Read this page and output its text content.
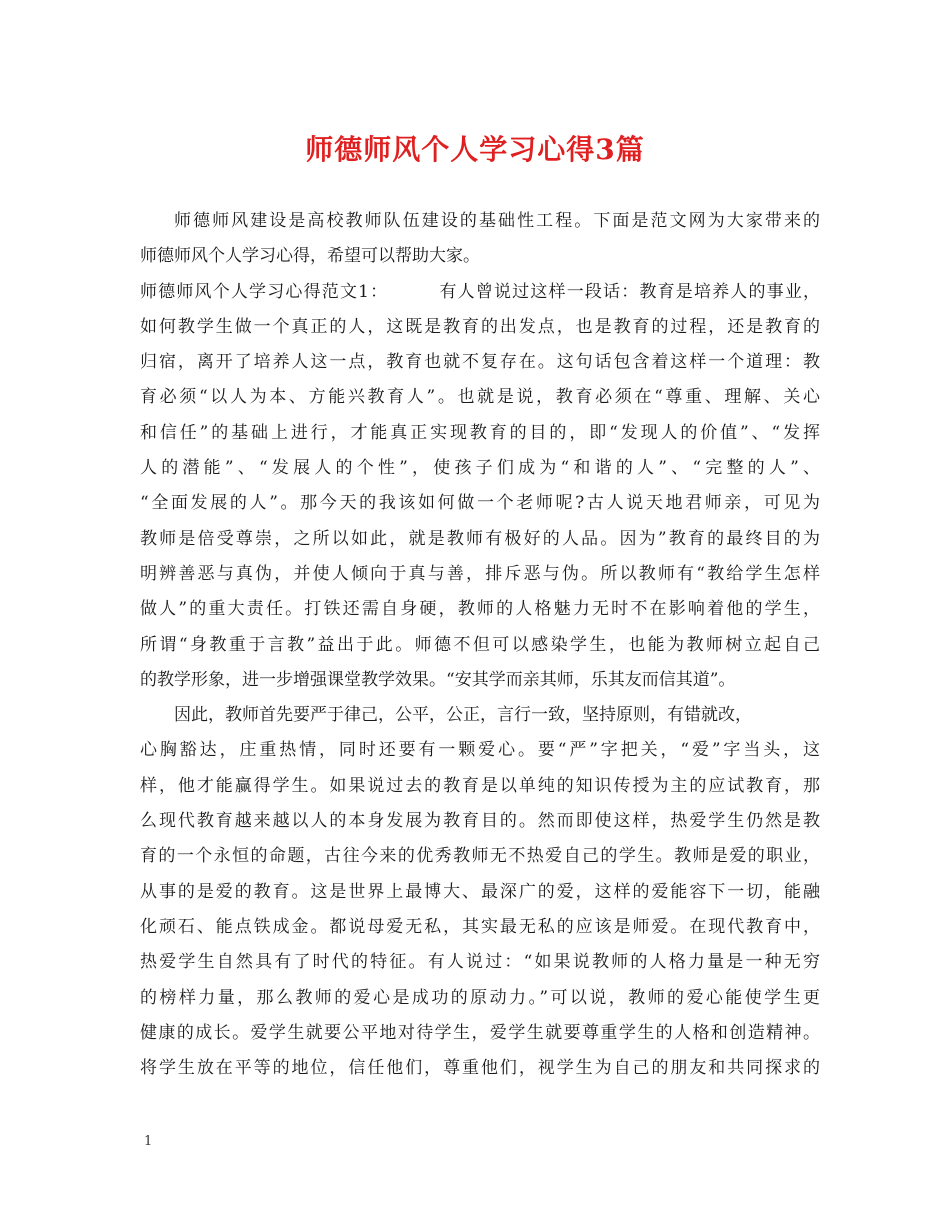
师德师风个人学习心得3篇
师德师风建设是高校教师队伍建设的基础性工程。下面是范文网为大家带来的
师德师风个人学习心得，希望可以帮助大家。
师德师风个人学习心得范文1：	有人曾说过这样一段话：教育是培养人的事业，
如何教学生做一个真正的人，这既是教育的出发点，也是教育的过程，还是教育的
归宿，离开了培养人这一点，教育也就不复存在。这句话包含着这样一个道理：教
育必须“以人为本、方能兴教育人”。也就是说，教育必须在“尊重、理解、关心
和信任”的基础上进行，才能真正实现教育的目的，即“发现人的价值”、“发挥
人的潜能”、“发展人的个性”，使孩子们成为“和谐的人”、“完整的人”、
“全面发展的人”。那今天的我该如何做一个老师呢?古人说天地君师亲，可见为
教师是倍受尊崇，之所以如此，就是教师有极好的人品。因为”教育的最终目的为
明辨善恶与真伪，并使人倾向于真与善，排斥恶与伪。所以教师有“教给学生怎样
做人”的重大责任。打铁还需自身硬，教师的人格魅力无时不在影响着他的学生，
所谓“身教重于言教”益出于此。师德不但可以感染学生，也能为教师树立起自己
的教学形象，进一步增强课堂教学效果。“安其学而亲其师，乐其友而信其道”。
因此，教师首先要严于律己，公平，公正，言行一致，坚持原则，有错就改，
心胸豁达，庄重热情，同时还要有一颗爱心。要“严”字把关，“爱”字当头，这
样，他才能赢得学生。如果说过去的教育是以单纯的知识传授为主的应试教育，那
么现代教育越来越以人的本身发展为教育目的。然而即使这样，热爱学生仍然是教
育的一个永恒的命题，古往今来的优秀教师无不热爱自己的学生。教师是爱的职业，
从事的是爱的教育。这是世界上最博大、最深广的爱，这样的爱能容下一切，能融
化顽石、能点铁成金。都说母爱无私，其实最无私的应该是师爱。在现代教育中，
热爱学生自然具有了时代的特征。有人说过：“如果说教师的人格力量是一种无穷
的榜样力量，那么教师的爱心是成功的原动力。”可以说，教师的爱心能使学生更
健康的成长。爱学生就要公平地对待学生，爱学生就要尊重学生的人格和创造精神。
将学生放在平等的地位，信任他们，尊重他们，视学生为自己的朋友和共同探求的
1
